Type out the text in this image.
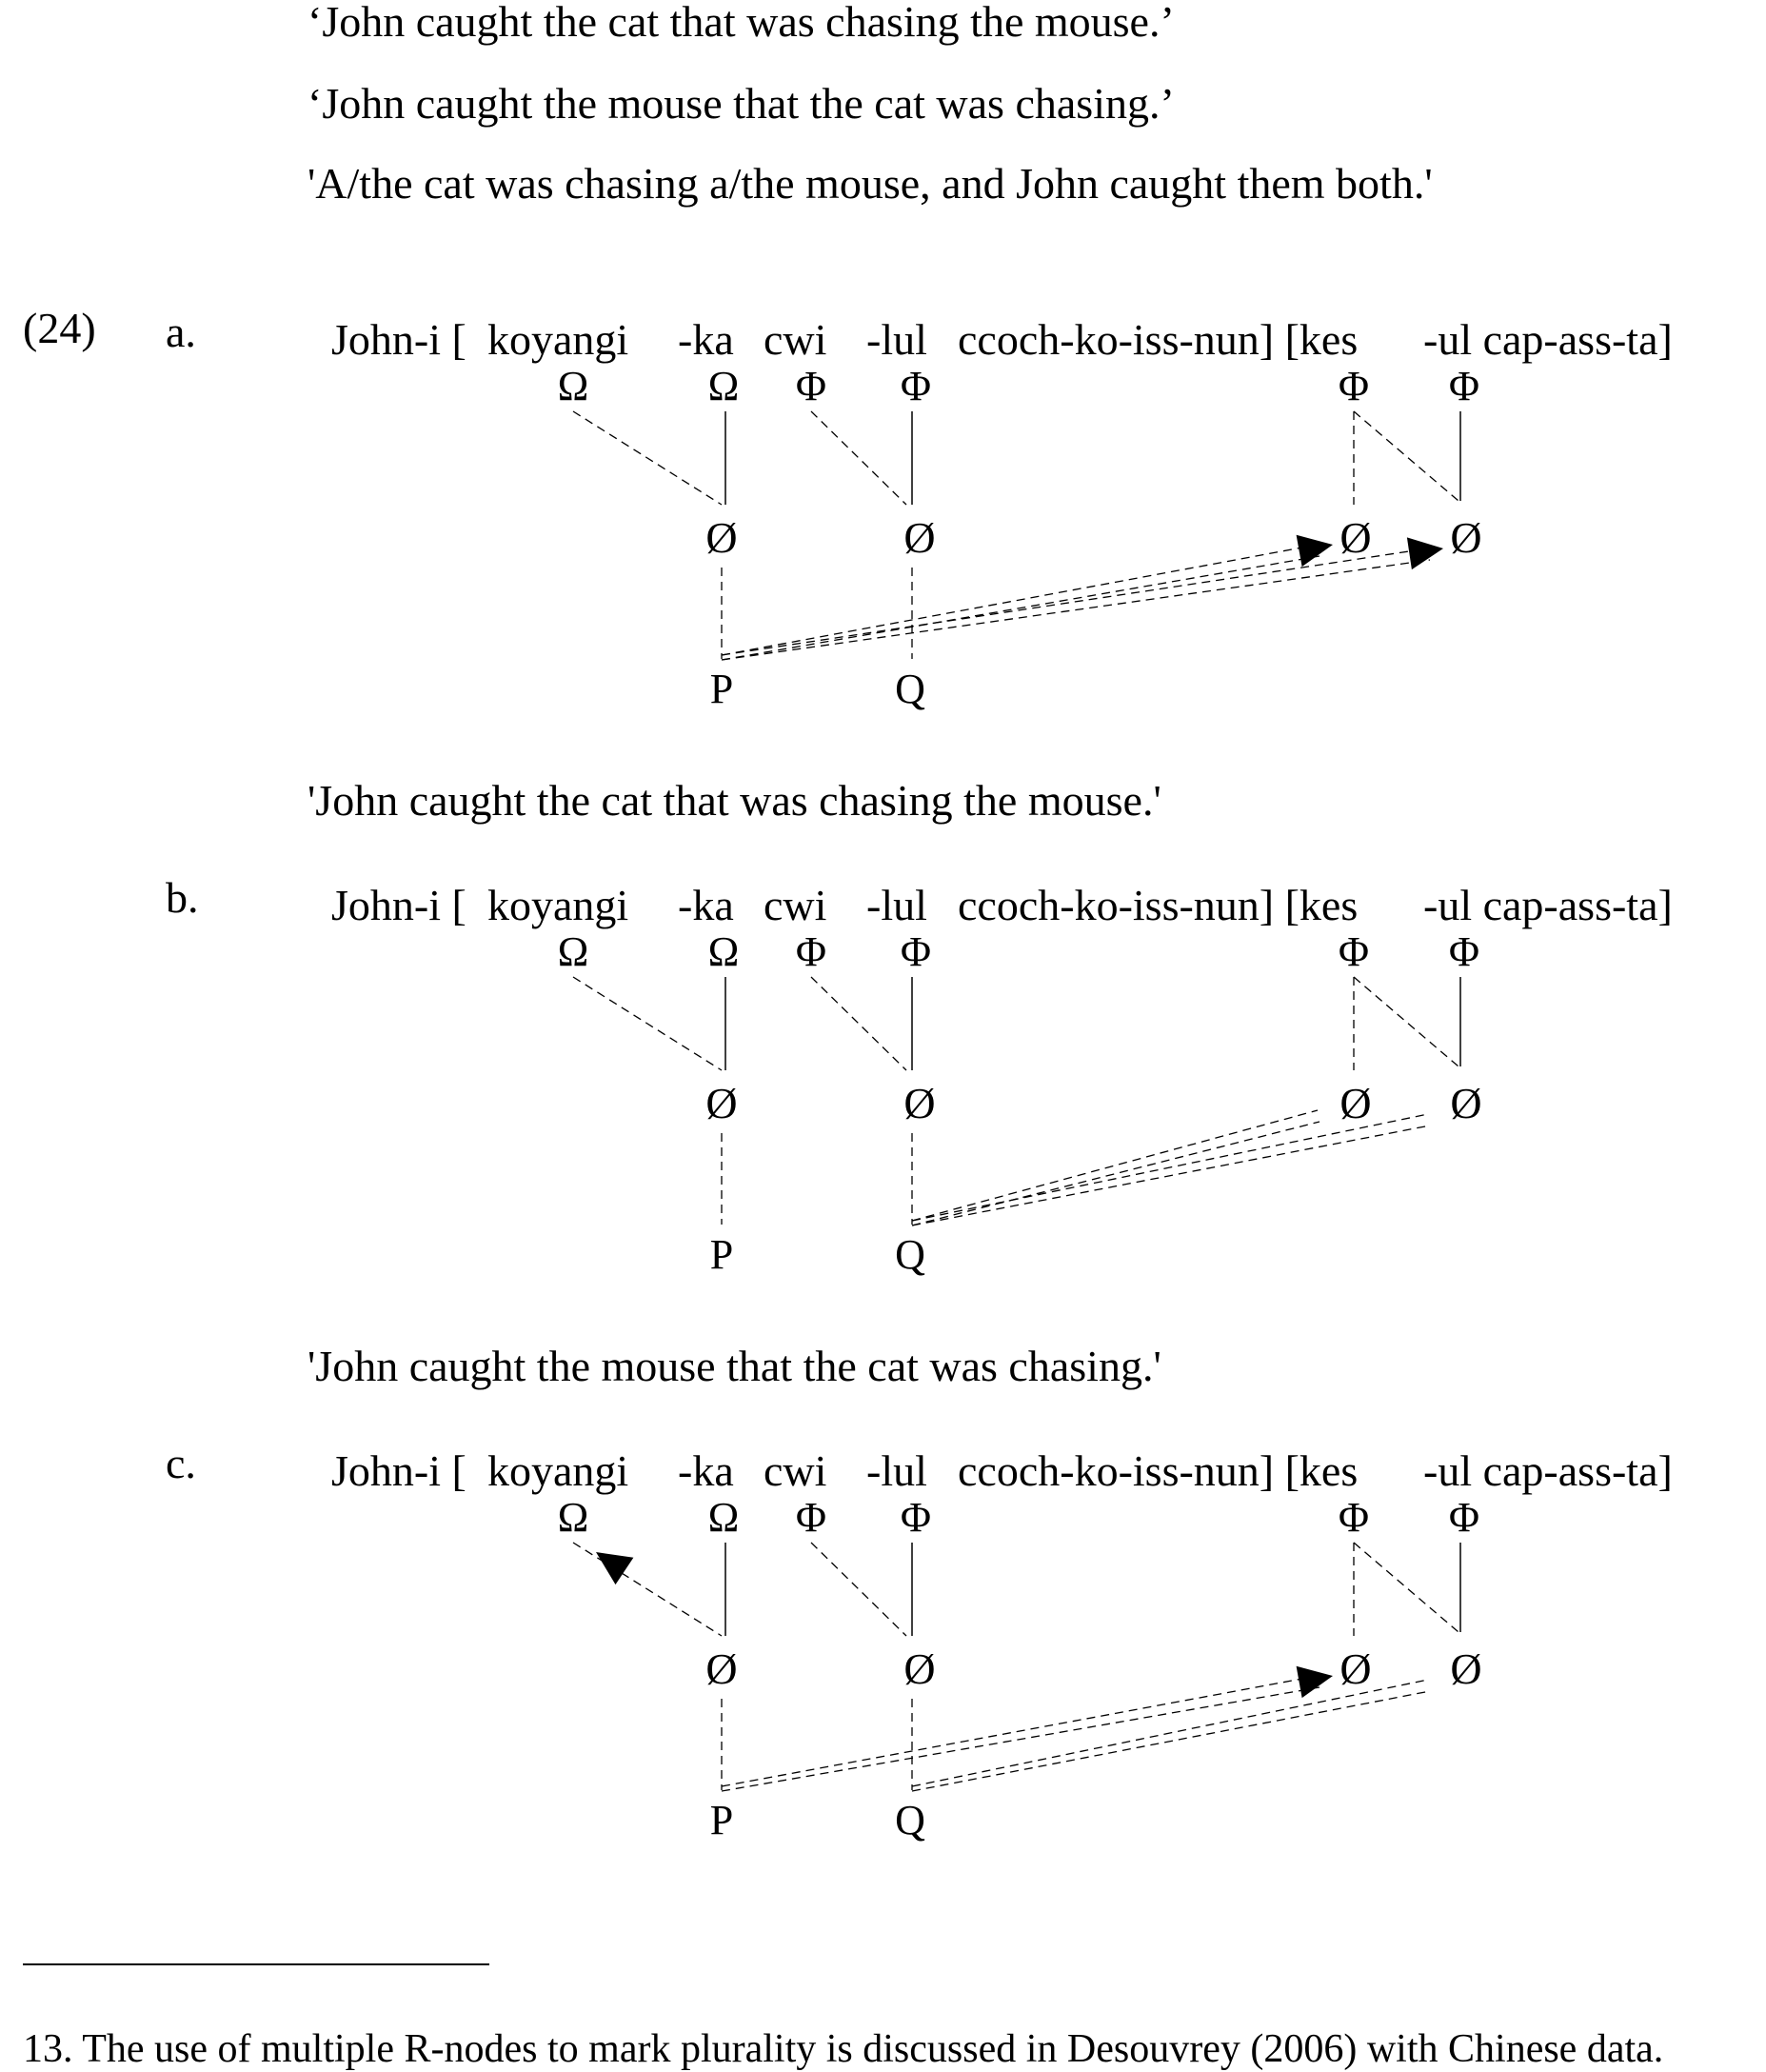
‘John caught the cat that was chasing the mouse.’
‘John caught the mouse that the cat was chasing.’
'A/the cat was chasing a/the mouse, and John caught them both.'
(24) a.
b.
c.
John-i [ koyangi -ka cwi -lul ccoch-ko-iss-nun] [kes -ul cap-ass-ta]
Ω	Ω Φ Φ	Φ Φ
Ø	Ø	Ø Ø
P	Q
'John caught the cat that was chasing the mouse.'
John-i [ koyangi -ka cwi -lul ccoch-ko-iss-nun] [kes -ul cap-ass-ta]
Ω	Ω Φ Φ	Φ Φ
Ø	Ø	Ø Ø
P	Q
'John caught the mouse that the cat was chasing.'
John-i [ koyangi -ka cwi -lul ccoch-ko-iss-nun] [kes -ul cap-ass-ta]
Ω	Ω Φ Φ	Φ Φ
Ø	Ø	Ø Ø
P	Q
13. The use of multiple R-nodes to mark plurality is discussed in Desouvrey (2006) with Chinese data.
